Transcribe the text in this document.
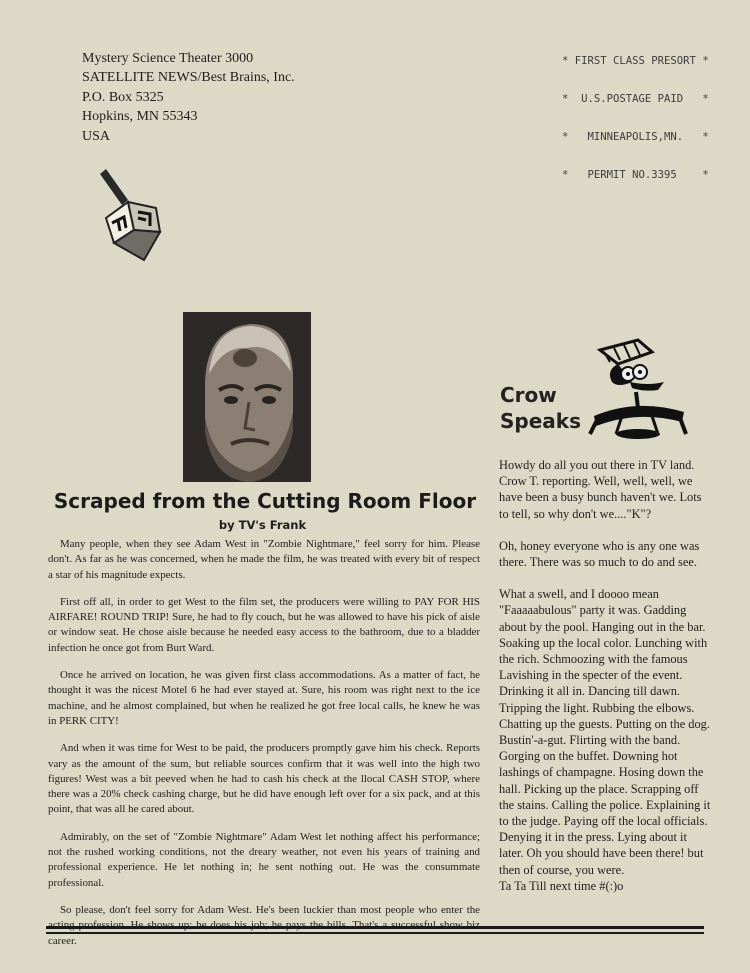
Mystery Science Theater 3000
SATELLITE NEWS/Best Brains, Inc.
P.O. Box 5325
Hopkins, MN 55343
USA

* FIRST CLASS PRESORT *

*  U.S.POSTAGE PAID   *

*   MINNEAPOLIS,MN.   *

*   PERMIT NO.3395    *

Crow
Speaks

Howdy do all you out there in TV land. Crow T. reporting. Well, well, well, we have been a busy bunch haven't we. Lots to tell, so why don't we...."K"?

Oh, honey everyone who is any one was there. There was so much to do and see.

What a swell, and I doooo mean "Faaaaabulous" party it was. Gadding about by the pool. Hanging out in the bar. Soaking up the local color. Lunching with the rich. Schmoozing with the famous Lavishing in the specter of the event. Drinking it all in. Dancing till dawn. Tripping the light. Rubbing the elbows. Chatting up the guests. Putting on the dog. Bustin'-a-gut. Flirting with the band. Gorging on the buffet. Downing hot lashings of champagne. Hosing down the hall. Picking up the place. Scrapping off the stains. Calling the police. Explaining it to the judge. Paying off the local officials. Denying it in the press. Lying about it later. Oh you should have been there! but then of course, you were.

Ta Ta Till next time #(:)o

Scraped from the Cutting Room Floor
by TV's Frank

Many people, when they see Adam West in "Zombie Nightmare," feel sorry for him. Please don't. As far as he was concerned, when he made the film, he was treated with every bit of respect a star of his magnitude expects.

First off all, in order to get West to the film set, the producers were willing to PAY FOR HIS AIRFARE! ROUND TRIP! Sure, he had to fly couch, but he was allowed to have his pick of aisle or window seat. He chose aisle because he needed easy access to the bathroom, due to a bladder infection he once got from Burt Ward.

Once he arrived on location, he was given first class accommodations. As a matter of fact, he thought it was the nicest Motel 6 he had ever stayed at. Sure, his room was right next to the ice machine, and he almost complained, but when he realized he got free local calls, he knew he was in PERK CITY!

And when it was time for West to be paid, the producers promptly gave him his check. Reports vary as the amount of the sum, but reliable sources confirm that it was well into the high two figures! West was a bit peeved when he had to cash his check at the llocal CASH STOP, where there was a 20% check cashing charge, but he did have enough left over for a six pack, and at this point, that was all he cared about.

Admirably, on the set of "Zombie Nightmare" Adam West let nothing affect his performance; not the rushed working conditions, not the dreary weather, not even his years of training and professional experience. He let nothing in; he sent nothing out. He was the consummate professional.

So please, don't feel sorry for Adam West. He's been luckier than most people who enter the career.
